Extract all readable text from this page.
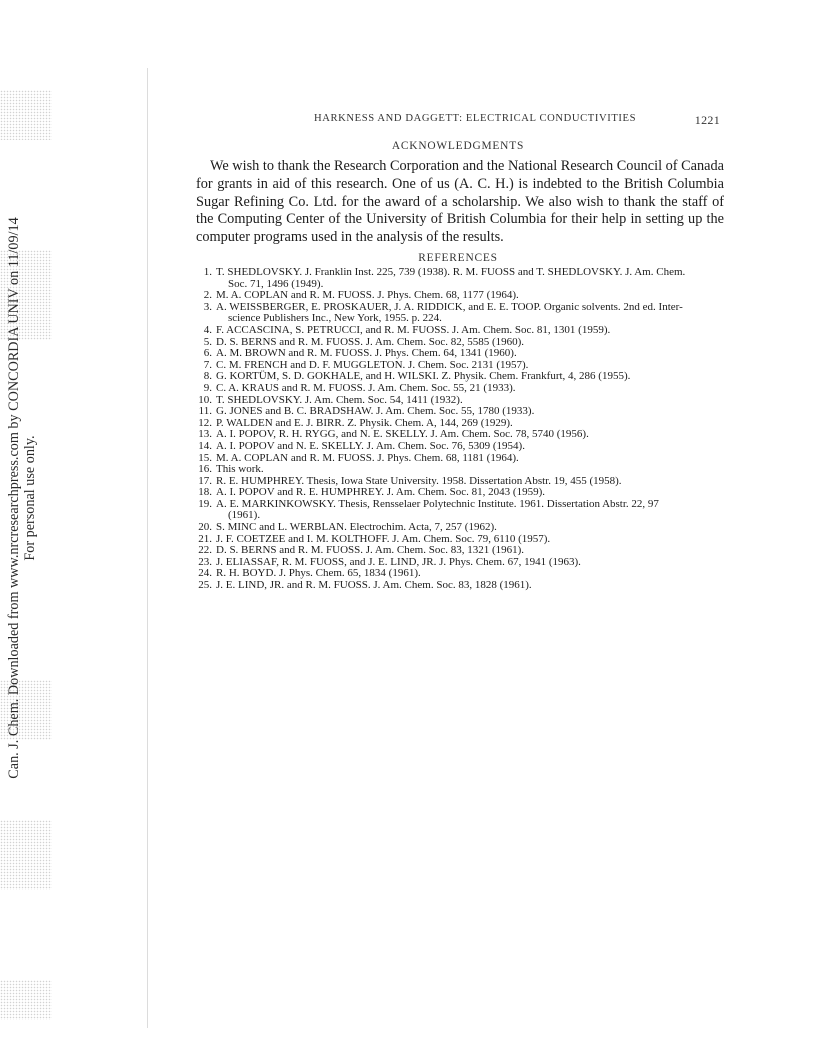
Can. J. Chem. Downloaded from www.nrcresearchpress.com by CONCORDIA UNIV on 11/09/14 For personal use only.
HARKNESS AND DAGGETT: ELECTRICAL CONDUCTIVITIES	1221
ACKNOWLEDGMENTS

We wish to thank the Research Corporation and the National Research Council of Canada for grants in aid of this research. One of us (A. C. H.) is indebted to the British Columbia Sugar Refining Co. Ltd. for the award of a scholarship. We also wish to thank the staff of the Computing Center of the University of British Columbia for their help in setting up the computer programs used in the analysis of the results.

REFERENCES
1. T. SHEDLOVSKY. J. Franklin Inst. 225, 739 (1938). R. M. FUOSS and T. SHEDLOVSKY. J. Am. Chem.
Soc. 71, 1496 (1949).
2. M. A. COPLAN and R. M. FUOSS. J. Phys. Chem. 68, 1177 (1964).
3. A. WEISSBERGER, E. PROSKAUER, J. A. RIDDICK, and E. E. TOOP. Organic solvents. 2nd ed. Inter-
science Publishers Inc., New York, 1955. p. 224.
4. F. ACCASCINA, S. PETRUCCI, and R. M. FUOSS. J. Am. Chem. Soc. 81, 1301 (1959).
5. D. S. BERNS and R. M. FUOSS. J. Am. Chem. Soc. 82, 5585 (1960).
6. A. M. BROWN and R. M. FUOSS. J. Phys. Chem. 64, 1341 (1960).
7. C. M. FRENCH and D. F. MUGGLETON. J. Chem. Soc. 2131 (1957).
8. G. KORTÜM, S. D. GOKHALE, and H. WILSKI. Z. Physik. Chem. Frankfurt, 4, 286 (1955).
9. C. A. KRAUS and R. M. FUOSS. J. Am. Chem. Soc. 55, 21 (1933).
10. T. SHEDLOVSKY. J. Am. Chem. Soc. 54, 1411 (1932).
11. G. JONES and B. C. BRADSHAW. J. Am. Chem. Soc. 55, 1780 (1933).
12. P. WALDEN and E. J. BIRR. Z. Physik. Chem. A, 144, 269 (1929).
13. A. I. POPOV, R. H. RYGG, and N. E. SKELLY. J. Am. Chem. Soc. 78, 5740 (1956).
14. A. I. POPOV and N. E. SKELLY. J. Am. Chem. Soc. 76, 5309 (1954).
15. M. A. COPLAN and R. M. FUOSS. J. Phys. Chem. 68, 1181 (1964).
16. This work.
17. R. E. HUMPHREY. Thesis, Iowa State University. 1958. Dissertation Abstr. 19, 455 (1958).
18. A. I. POPOV and R. E. HUMPHREY. J. Am. Chem. Soc. 81, 2043 (1959).
19. A. E. MARKINKOWSKY. Thesis, Rensselaer Polytechnic Institute. 1961. Dissertation Abstr. 22, 97
(1961).
20. S. MINC and L. WERBLAN. Electrochim. Acta, 7, 257 (1962).
21. J. F. COETZEE and I. M. KOLTHOFF. J. Am. Chem. Soc. 79, 6110 (1957).
22. D. S. BERNS and R. M. FUOSS. J. Am. Chem. Soc. 83, 1321 (1961).
23. J. ELIASSAF, R. M. FUOSS, and J. E. LIND, JR. J. Phys. Chem. 67, 1941 (1963).
24. R. H. BOYD. J. Phys. Chem. 65, 1834 (1961).
25. J. E. LIND, JR. and R. M. FUOSS. J. Am. Chem. Soc. 83, 1828 (1961).
